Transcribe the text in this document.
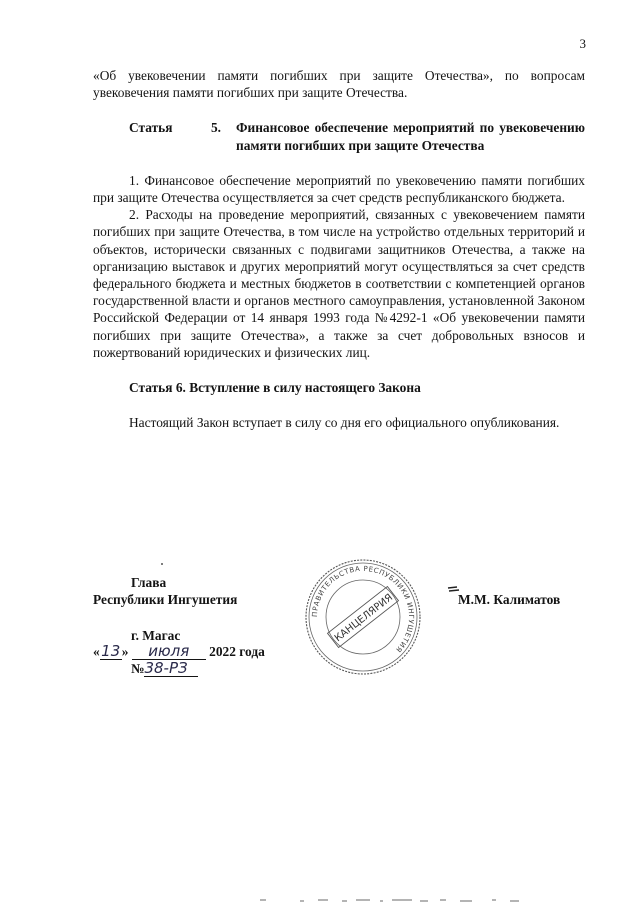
3

«Об увековечении памяти погибших при защите Отечества», по вопросам увековечения памяти погибших при защите Отечества.

Статья	5. Финансовое обеспечение мероприятий по увековечению памяти погибших при защите Отечества

1. Финансовое обеспечение мероприятий по увековечению памяти погибших при защите Отечества осуществляется за счет средств республиканского бюджета.

2. Расходы на проведение мероприятий, связанных с увековечением памяти погибших при защите Отечества, в том числе на устройство отдельных территорий и объектов, исторически связанных с подвигами защитников Отечества, а также на организацию выставок и других мероприятий могут осуществляться за счет средств федерального бюджета и местных бюджетов в соответствии с компетенцией органов государственной власти и органов местного самоуправления, установленной Законом Российской Федерации от 14 января 1993 года №4292-1 «Об увековечении памяти погибших при защите Отечества», а также за счет добровольных взносов и пожертвований юридических и физических лиц.

Статья 6. Вступление в силу настоящего Закона

Настоящий Закон вступает в силу со дня его официального опубликования.

Глава
Республики Ингушетия
ПРАВИТЕЛЬСТВА РЕСПУБЛИКИ ИНГУШЕТИЯ
КАНЦЕЛЯРИЯ	М.М. Калиматов
г. Магас
«13» июля 2022 года
№38-РЗ
